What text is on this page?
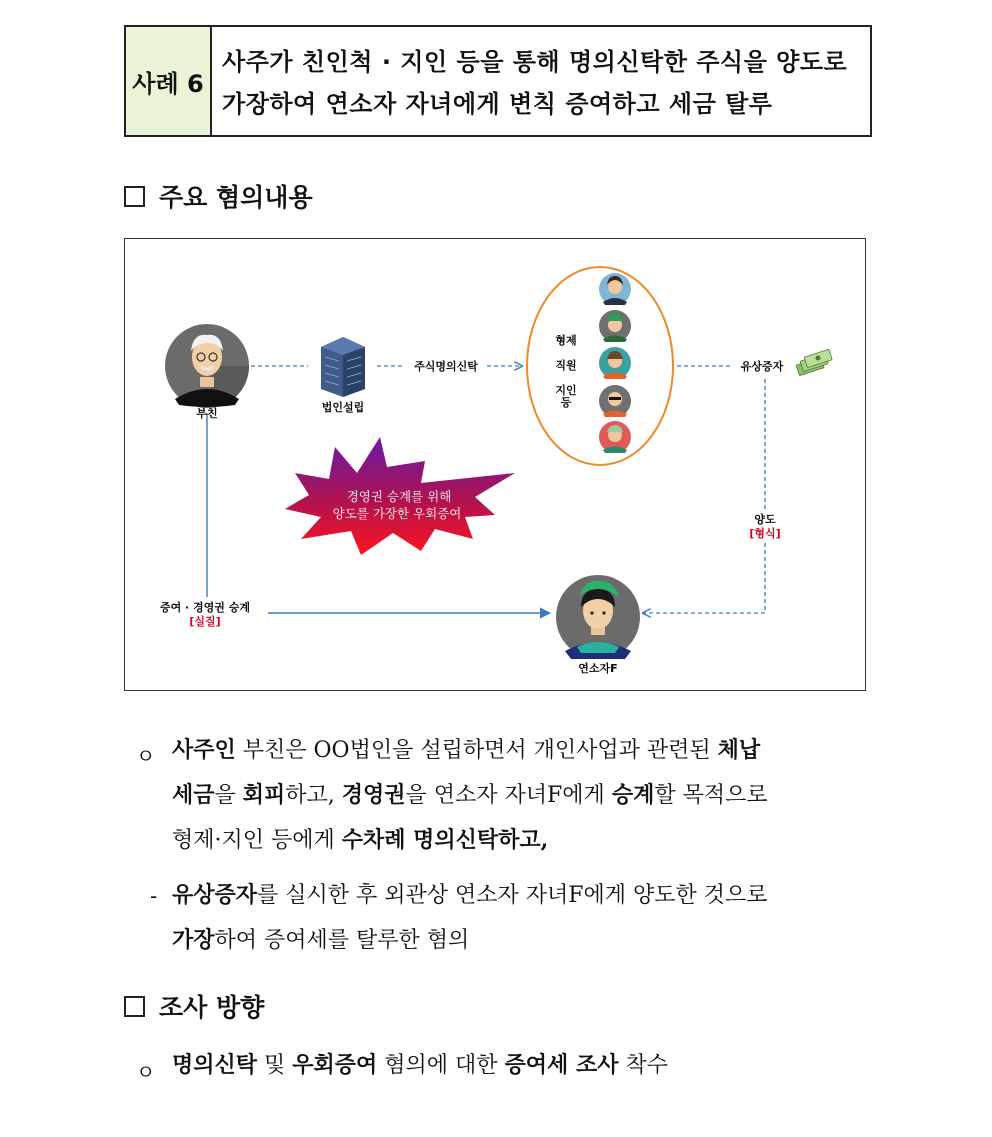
사례 6
사주가 친인척 · 지인 등을 통해 명의신탁한 주식을 양도로
가장하여 연소자 자녀에게 변칙 증여하고 세금 탈루
주요 혐의내용
부친	법인설립
주식명의신탁
형제
직원
지인
등
유상증자
경영권 승계를 위해
양도를 가장한 우회증여	양도
[형식]
증여 · 경영권 승계
[실질]
연소자F
ㅇ 사주인 부친은 OO법인을 설립하면서 개인사업과 관련된 체납
세금을 회피하고, 경영권을 연소자 자녀F에게 승계할 목적으로
형제·지인 등에게 수차례 명의신탁하고,
- 유상증자를 실시한 후 외관상 연소자 자녀F에게 양도한 것으로
가장하여 증여세를 탈루한 혐의
조사 방향
ㅇ 명의신탁 및 우회증여 혐의에 대한 증여세 조사 착수
